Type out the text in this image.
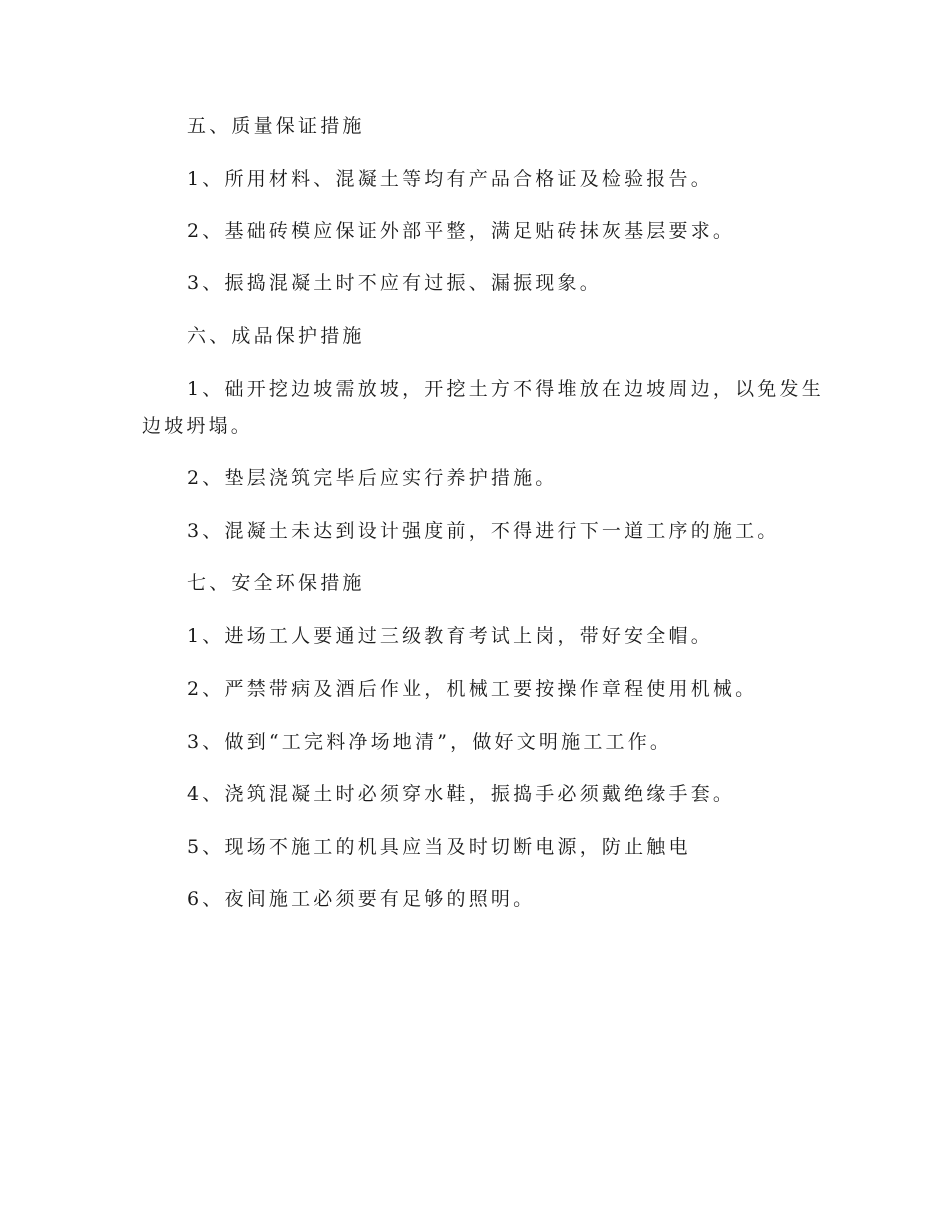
五、质量保证措施
1、所用材料、混凝土等均有产品合格证及检验报告。
2、基础砖模应保证外部平整，满足贴砖抹灰基层要求。
3、振捣混凝土时不应有过振、漏振现象。
六、成品保护措施
1、础开挖边坡需放坡，开挖土方不得堆放在边坡周边，以免发生
边坡坍塌。
2、垫层浇筑完毕后应实行养护措施。
3、混凝土未达到设计强度前，不得进行下一道工序的施工。
七、安全环保措施
1、进场工人要通过三级教育考试上岗，带好安全帽。
2、严禁带病及酒后作业，机械工要按操作章程使用机械。
3、做到“工完料净场地清”，做好文明施工工作。
4、浇筑混凝土时必须穿水鞋，振捣手必须戴绝缘手套。
5、现场不施工的机具应当及时切断电源，防止触电
6、夜间施工必须要有足够的照明。
